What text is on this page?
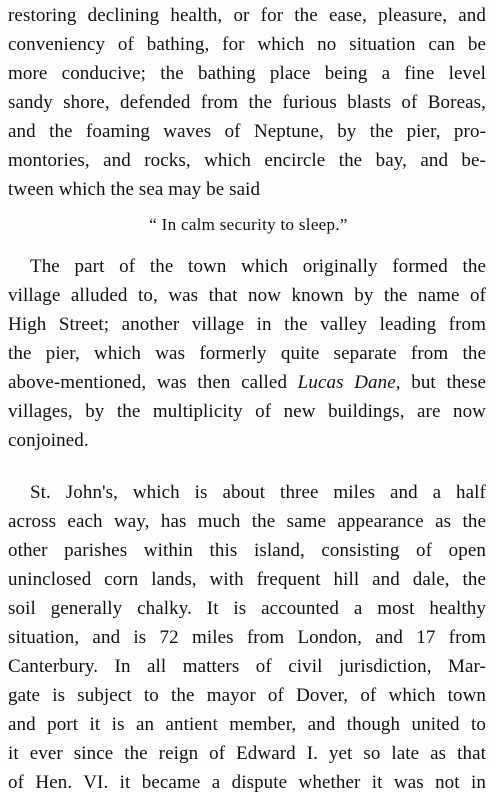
restoring declining health, or for the ease, pleasure, and
conveniency of bathing, for which no situation can be
more conducive; the bathing place being a fine level
sandy shore, defended from the furious blasts of Boreas,
and the foaming waves of Neptune, by the pier, pro-
montories, and rocks, which encircle the bay, and be-
tween which the sea may be said
“ In calm security to sleep.”
The part of the town which originally formed the
village alluded to, was that now known by the name of
High Street; another village in the valley leading from
the pier, which was formerly quite separate from the
above-mentioned, was then called Lucas Dane, but these
villages, by the multiplicity of new buildings, are now
conjoined.
St. John's, which is about three miles and a half
across each way, has much the same appearance as the
other parishes within this island, consisting of open
uninclosed corn lands, with frequent hill and dale, the
soil generally chalky. It is accounted a most healthy
situation, and is 72 miles from London, and 17 from
Canterbury. In all matters of civil jurisdiction, Mar-
gate is subject to the mayor of Dover, of which town
and port it is an antient member, and though united to
it ever since the reign of Edward I. yet so late as that
of Hen. VI. it became a dispute whether it was not in
